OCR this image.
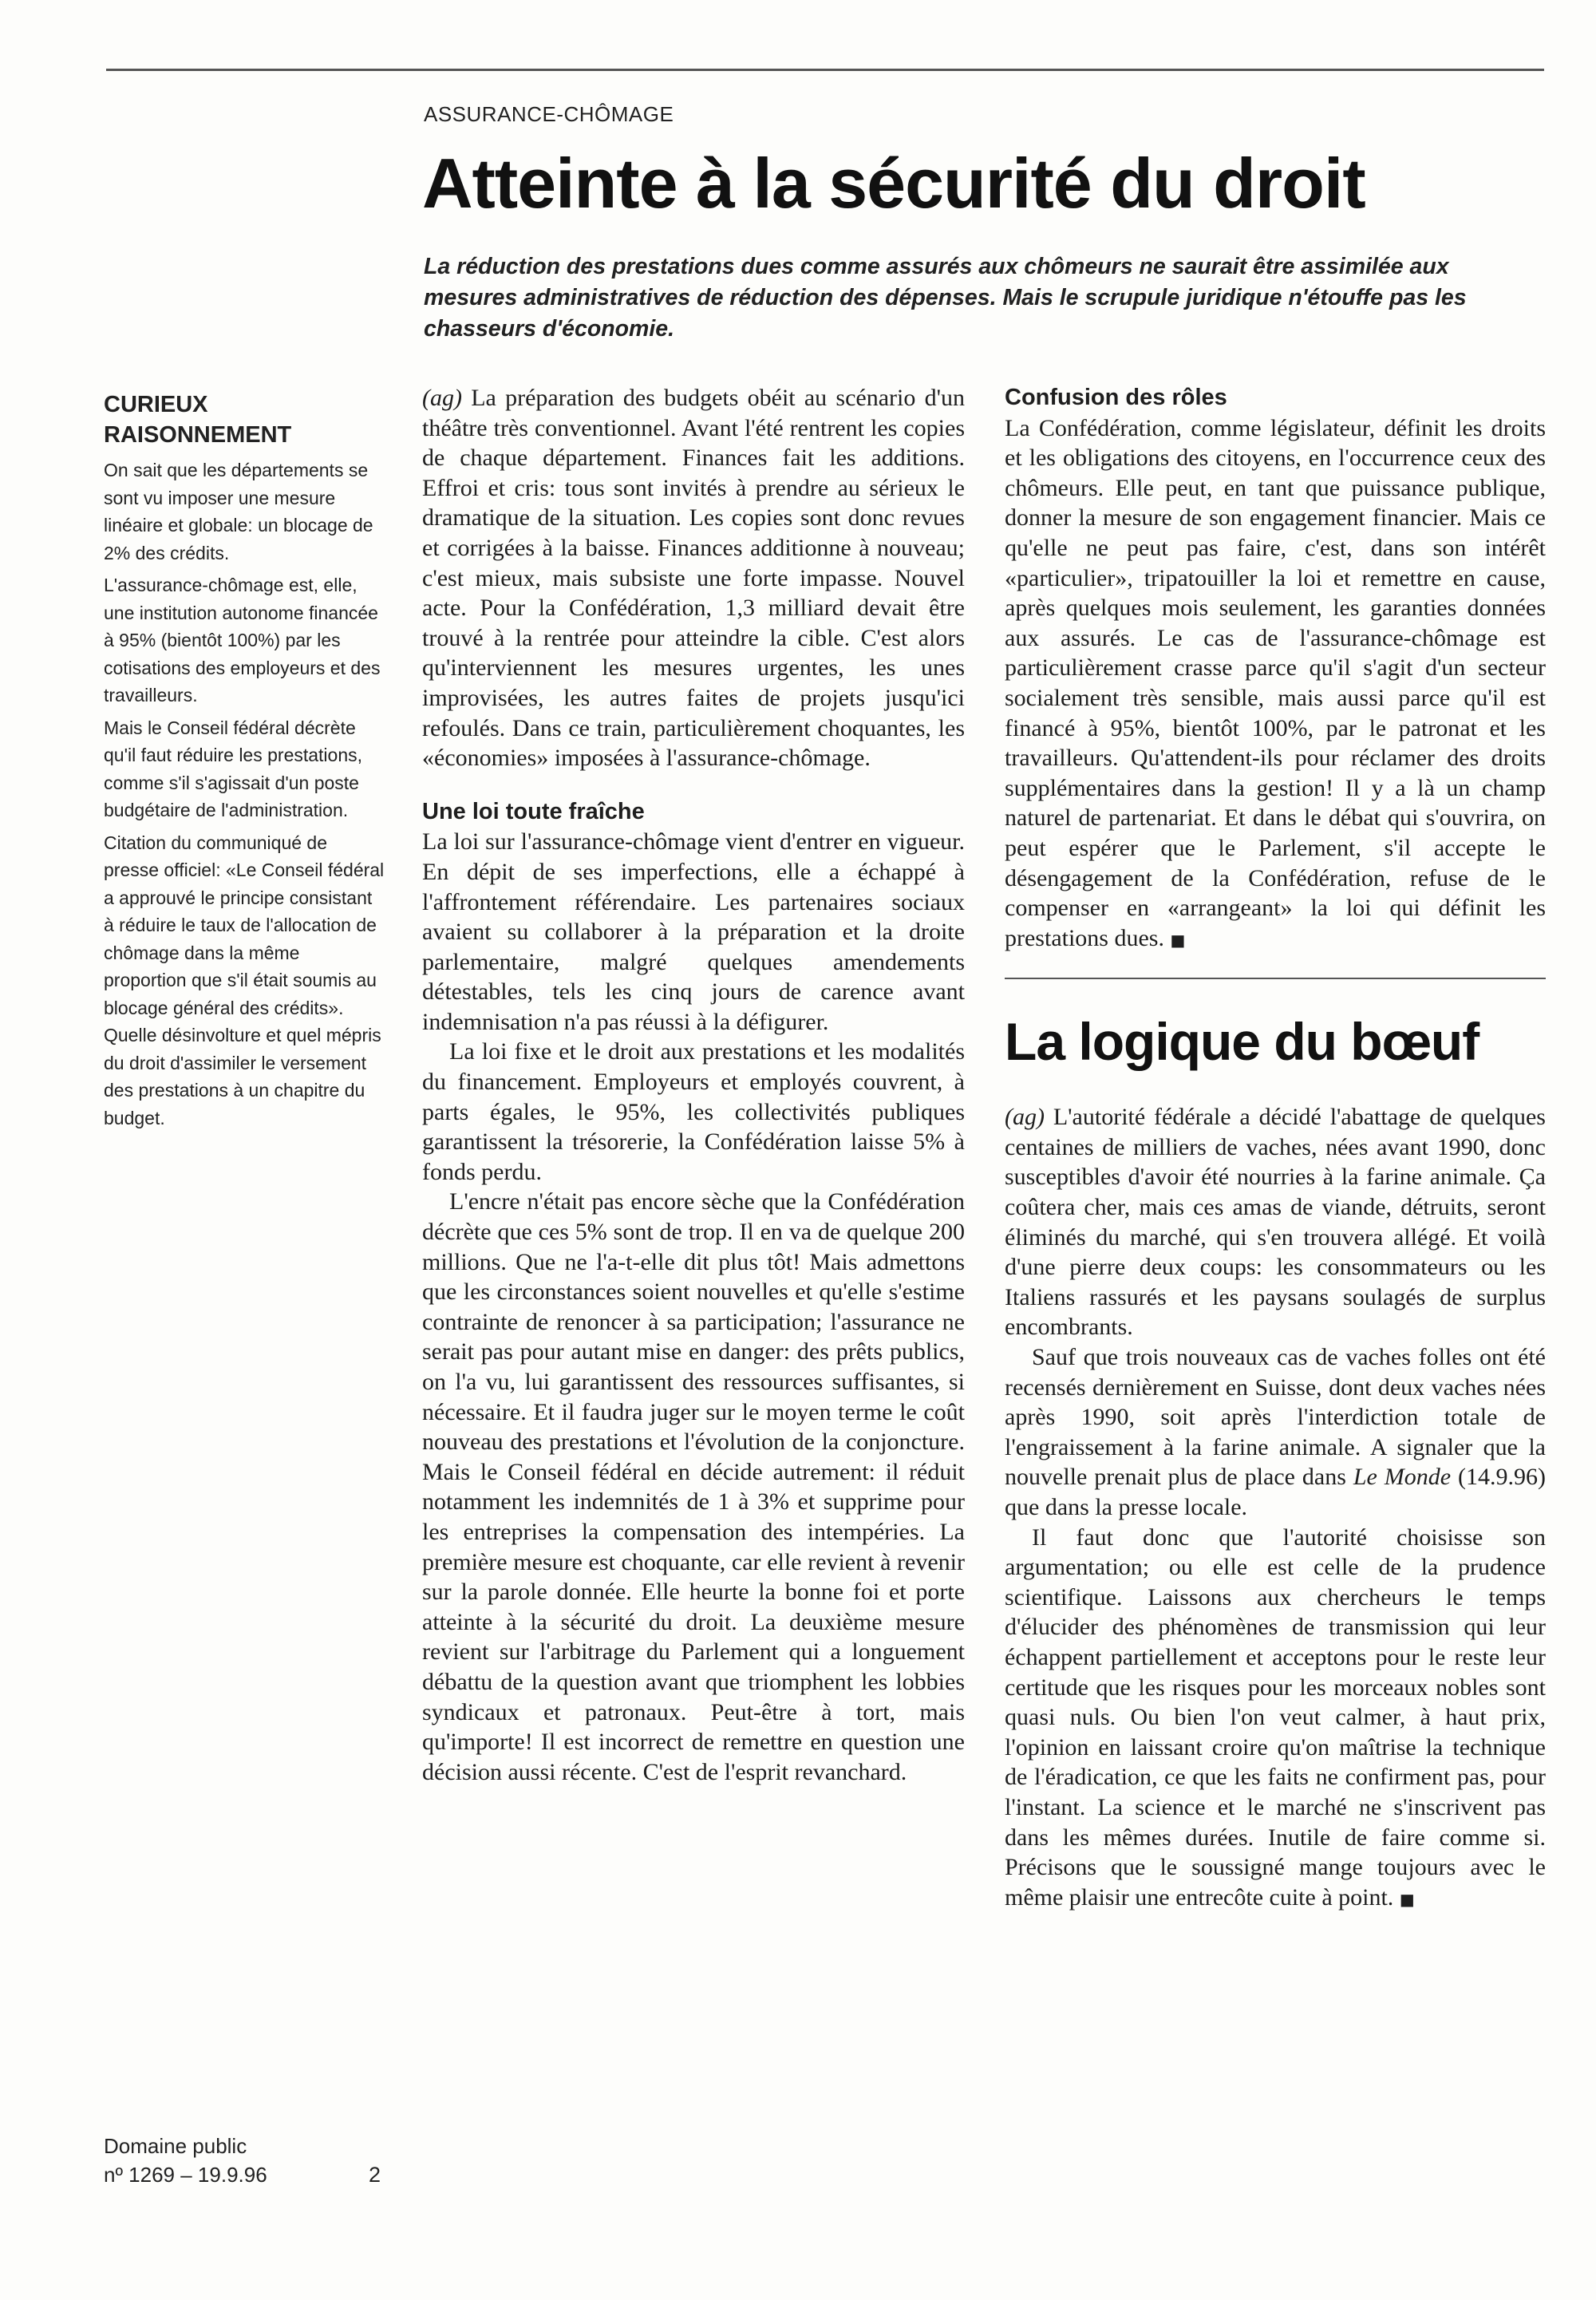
ASSURANCE-CHÔMAGE
Atteinte à la sécurité du droit

La réduction des prestations dues comme assurés aux chômeurs ne saurait être assimilée aux mesures administratives de réduction des dépenses. Mais le scrupule juridique n'étouffe pas les chasseurs d'économie.

CURIEUX RAISONNEMENT

On sait que les départements se sont vu imposer une mesure linéaire et globale: un blocage de 2% des crédits.

L'assurance-chômage est, elle, une institution autonome financée à 95% (bientôt 100%) par les cotisations des employeurs et des travailleurs.

Mais le Conseil fédéral décrète qu'il faut réduire les prestations, comme s'il s'agissait d'un poste budgétaire de l'administration.

Citation du communiqué de presse officiel: «Le Conseil fédéral a approuvé le principe consistant à réduire le taux de l'allocation de chômage dans la même proportion que s'il était soumis au blocage général des crédits». Quelle désinvolture et quel mépris du droit d'assimiler le versement des prestations à un chapitre du budget.

(ag) La préparation des budgets obéit au scénario d'un théâtre très conventionnel. Avant l'été rentrent les copies de chaque département. Finances fait les additions. Effroi et cris: tous sont invités à prendre au sérieux le dramatique de la situation. Les copies sont donc revues et corrigées à la baisse. Finances additionne à nouveau; c'est mieux, mais subsiste une forte impasse. Nouvel acte. Pour la Confédération, 1,3 milliard devait être trouvé à la rentrée pour atteindre la cible. C'est alors qu'interviennent les mesures urgentes, les unes improvisées, les autres faites de projets jusqu'ici refoulés. Dans ce train, particulièrement choquantes, les «économies» imposées à l'assurance-chômage.

Une loi toute fraîche

La loi sur l'assurance-chômage vient d'entrer en vigueur. En dépit de ses imperfections, elle a échappé à l'affrontement référendaire. Les partenaires sociaux avaient su collaborer à la préparation et la droite parlementaire, malgré quelques amendements détestables, tels les cinq jours de carence avant indemnisation n'a pas réussi à la défigurer.

La loi fixe et le droit aux prestations et les modalités du financement. Employeurs et employés couvrent, à parts égales, le 95%, les collectivités publiques garantissent la trésorerie, la Confédération laisse 5% à fonds perdu.

L'encre n'était pas encore sèche que la Confédération décrète que ces 5% sont de trop. Il en va de quelque 200 millions. Que ne l'a-t-elle dit plus tôt! Mais admettons que les circonstances soient nouvelles et qu'elle s'estime contrainte de renoncer à sa participation; l'assurance ne serait pas pour autant mise en danger: des prêts publics, on l'a vu, lui garantissent des ressources suffisantes, si nécessaire. Et il faudra juger sur le moyen terme le coût nouveau des prestations et l'évolution de la conjoncture. Mais le Conseil fédéral en décide autrement: il réduit notamment les indemnités de 1 à 3% et supprime pour les entreprises la compensation des intempéries. La première mesure est choquante, car elle revient à revenir sur la parole donnée. Elle heurte la bonne foi et porte atteinte à la sécurité du droit. La deuxième mesure revient sur l'arbitrage du Parlement qui a longuement débattu de la question avant que triomphent les lobbies syndicaux et patronaux. Peut-être à tort, mais qu'importe! Il est incorrect de remettre en question une décision aussi récente. C'est de l'esprit revanchard.

Confusion des rôles

La Confédération, comme législateur, définit les droits et les obligations des citoyens, en l'occurrence ceux des chômeurs. Elle peut, en tant que puissance publique, donner la mesure de son engagement financier. Mais ce qu'elle ne peut pas faire, c'est, dans son intérêt «particulier», tripatouiller la loi et remettre en cause, après quelques mois seulement, les garanties données aux assurés. Le cas de l'assurance-chômage est particulièrement crasse parce qu'il s'agit d'un secteur socialement très sensible, mais aussi parce qu'il est financé à 95%, bientôt 100%, par le patronat et les travailleurs. Qu'attendent-ils pour réclamer des droits supplémentaires dans la gestion! Il y a là un champ naturel de partenariat. Et dans le débat qui s'ouvrira, on peut espérer que le Parlement, s'il accepte le désengagement de la Confédération, refuse de le compenser en «arrangeant» la loi qui définit les prestations dues. ■

La logique du bœuf

(ag) L'autorité fédérale a décidé l'abattage de quelques centaines de milliers de vaches, nées avant 1990, donc susceptibles d'avoir été nourries à la farine animale. Ça coûtera cher, mais ces amas de viande, détruits, seront éliminés du marché, qui s'en trouvera allégé. Et voilà d'une pierre deux coups: les consommateurs ou les Italiens rassurés et les paysans soulagés de surplus encombrants.

Sauf que trois nouveaux cas de vaches folles ont été recensés dernièrement en Suisse, dont deux vaches nées après 1990, soit après l'interdiction totale de l'engraissement à la farine animale. A signaler que la nouvelle prenait plus de place dans Le Monde (14.9.96) que dans la presse locale.

Il faut donc que l'autorité choisisse son argumentation; ou elle est celle de la prudence scientifique. Laissons aux chercheurs le temps d'élucider des phénomènes de transmission qui leur échappent partiellement et acceptons pour le reste leur certitude que les risques pour les morceaux nobles sont quasi nuls. Ou bien l'on veut calmer, à haut prix, l'opinion en laissant croire qu'on maîtrise la technique de l'éradication, ce que les faits ne confirment pas, pour l'instant. La science et le marché ne s'inscrivent pas dans les mêmes durées. Inutile de faire comme si. Précisons que le soussigné mange toujours avec le même plaisir une entrecôte cuite à point. ■

Domaine public
nº 1269 – 19.9.96	2
